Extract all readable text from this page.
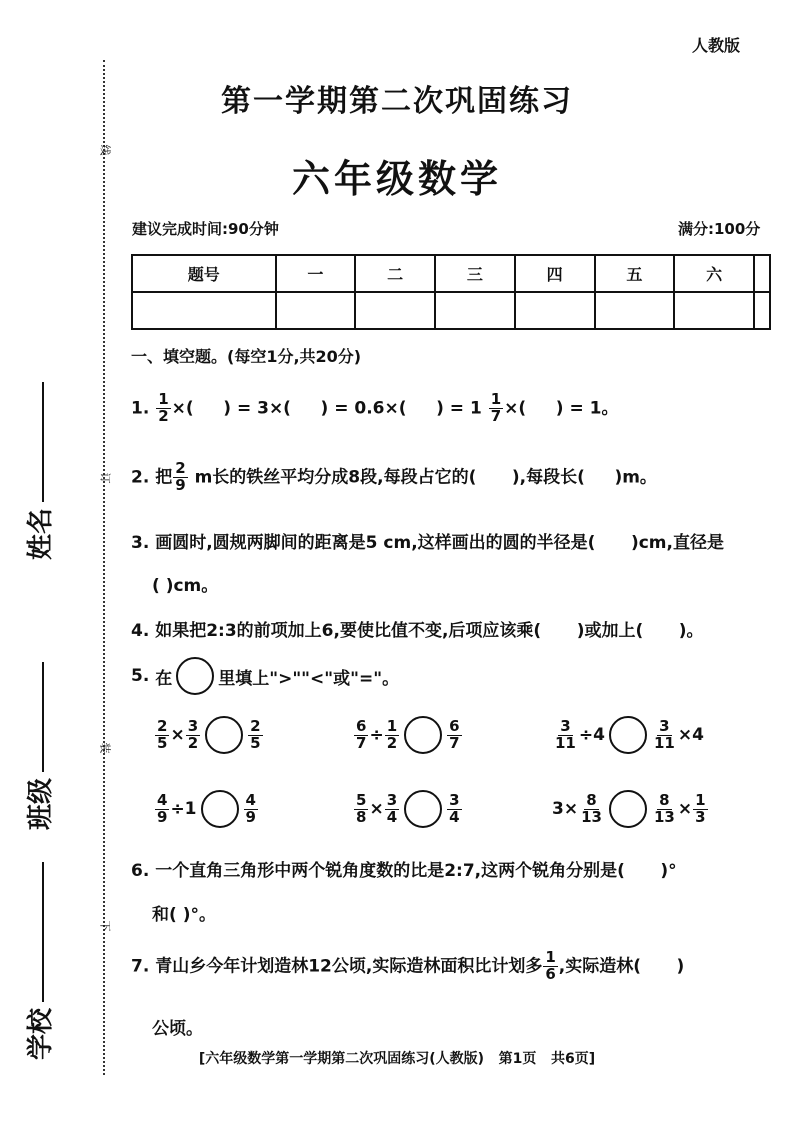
线
订
装
下
姓名
班级
学校
人教版
第一学期第二次巩固练习
六年级数学
建议完成时间:90分钟	满分:100分
题号	一	二	三	四	五	六	

一、填空题。(每空1分,共20分)
1. $\frac{1}{2}$ ×(     ) = 3×(     ) = 0.6×(     ) = $1 \frac{1}{7}$ ×(     ) = 1。
2. 把 $\frac{2}{9}$ m长的铁丝平均分成8段,每段占它的(      ),每段长(     )m。
3. 画圆时,圆规两脚间的距离是5 cm,这样画出的圆的半径是(      )cm,直径是
( )cm。
4. 如果把2:3的前项加上6,要使比值不变,后项应该乘(      )或加上(      )。
5.
在	里填上">""<"或"="。
$\frac{2}{5} \times \frac{3}{2}$	$\frac{2}{5}$	$\frac{6}{7} \div \frac{1}{2}$	$\frac{6}{7}$	$\frac{3}{11} \div 4$	$\frac{3}{11} \times 4$
$\frac{4}{9} \div 1$	$\frac{4}{9}$	$\frac{5}{8} \times \frac{3}{4}$	$\frac{3}{4}$	$3\times \frac{8}{13}$	$\frac{8}{13} \times \frac{1}{3}$
6. 一个直角三角形中两个锐角度数的比是2:7,这两个锐角分别是(      )°
和( )°。
7. 青山乡今年计划造林12公顷,实际造林面积比计划多 $\frac{1}{6}$ ,实际造林(      )
公顷。
[六年级数学第一学期第二次巩固练习(人教版)   第1页   共6页]
